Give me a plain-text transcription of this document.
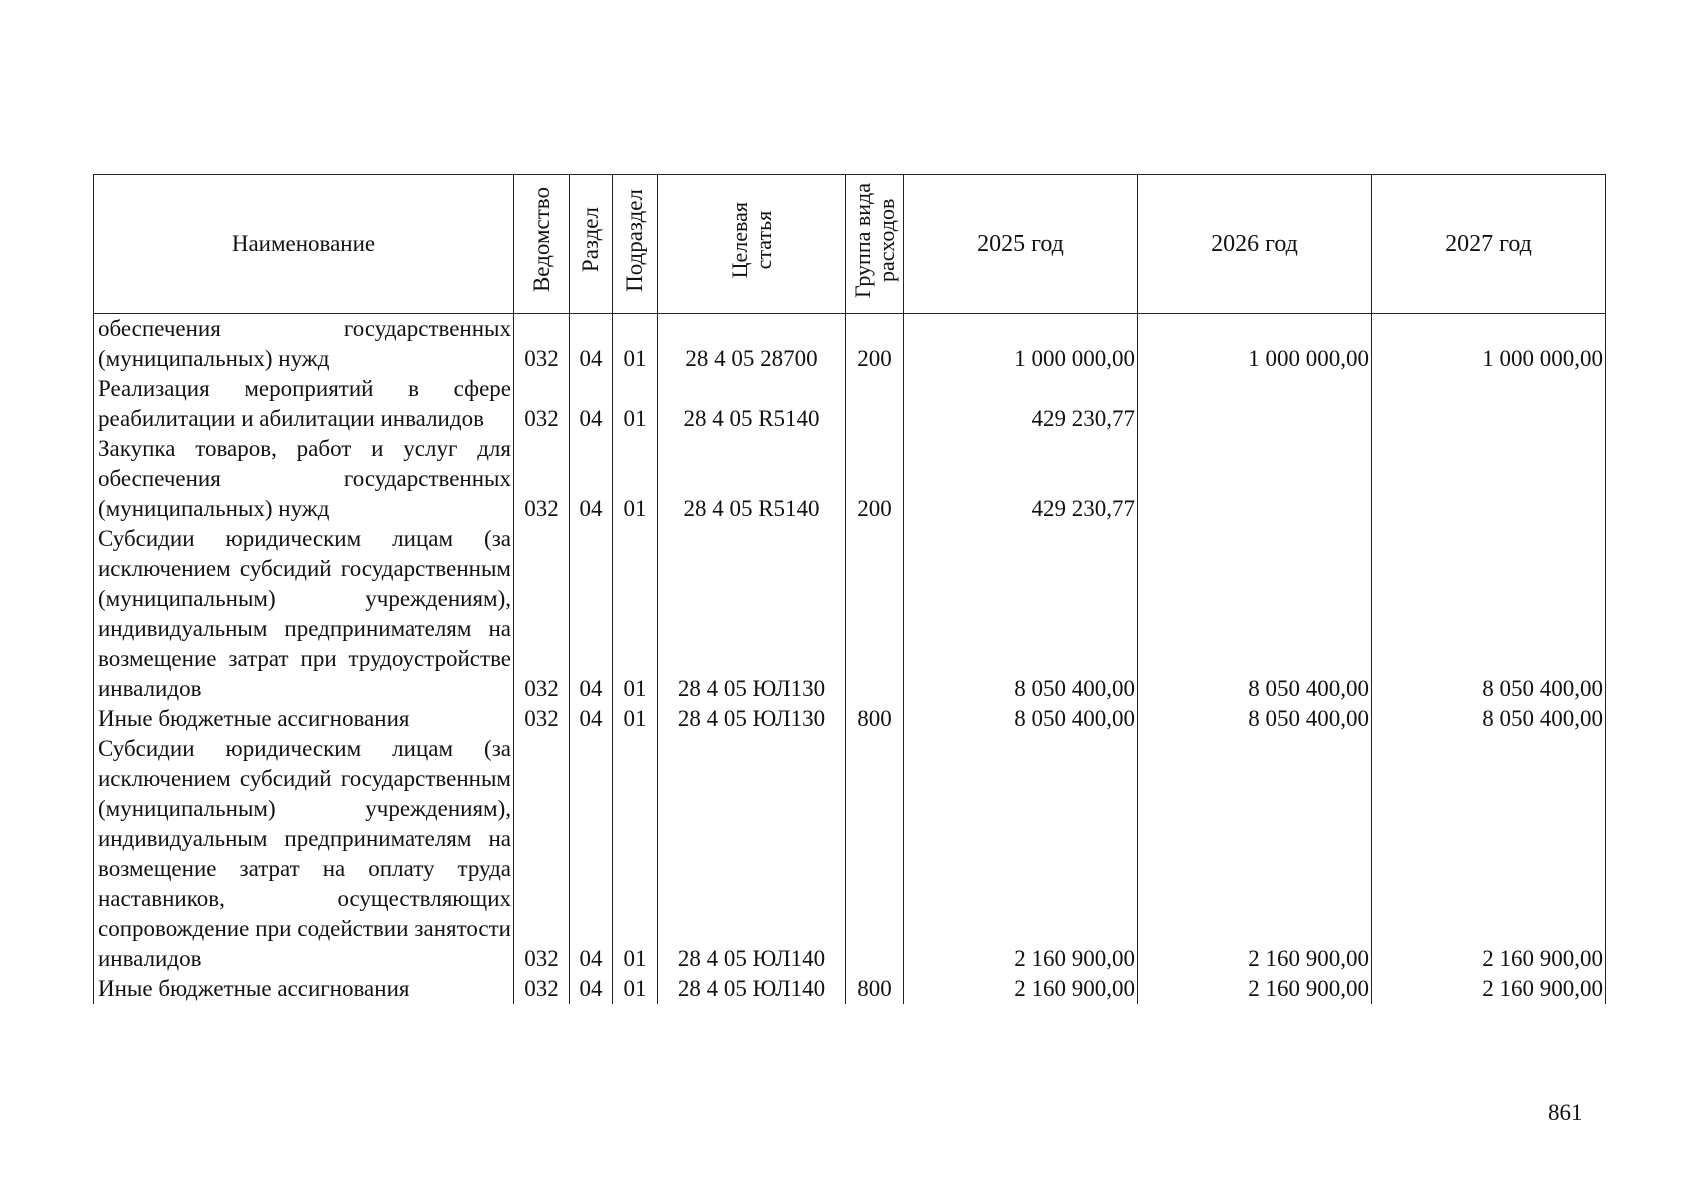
Наименование	Ведомство	Раздел	Подраздел	Целевая
статья	Группа вида
расходов	2025 год	2026 год	2027 год
обеспечения государственных (муниципальных) нужд	032	04	01	28 4 05 28700	200	1 000 000,00	1 000 000,00	1 000 000,00
Реализация мероприятий в сфере реабилитации и абилитации инвалидов	032	04	01	28 4 05 R5140		429 230,77		
Закупка товаров, работ и услуг для обеспечения государственных (муниципальных) нужд	032	04	01	28 4 05 R5140	200	429 230,77		
Субсидии юридическим лицам (за исключением субсидий государственным (муниципальным) учреждениям), индивидуальным предпринимателям на возмещение затрат при трудоустройстве инвалидов	032	04	01	28 4 05 ЮЛ130		8 050 400,00	8 050 400,00	8 050 400,00
Иные бюджетные ассигнования	032	04	01	28 4 05 ЮЛ130	800	8 050 400,00	8 050 400,00	8 050 400,00
Субсидии юридическим лицам (за исключением субсидий государственным (муниципальным) учреждениям), индивидуальным предпринимателям на возмещение затрат на оплату труда наставников, осуществляющих сопровождение при содействии занятости инвалидов	032	04	01	28 4 05 ЮЛ140		2 160 900,00	2 160 900,00	2 160 900,00
Иные бюджетные ассигнования	032	04	01	28 4 05 ЮЛ140	800	2 160 900,00	2 160 900,00	2 160 900,00
861
